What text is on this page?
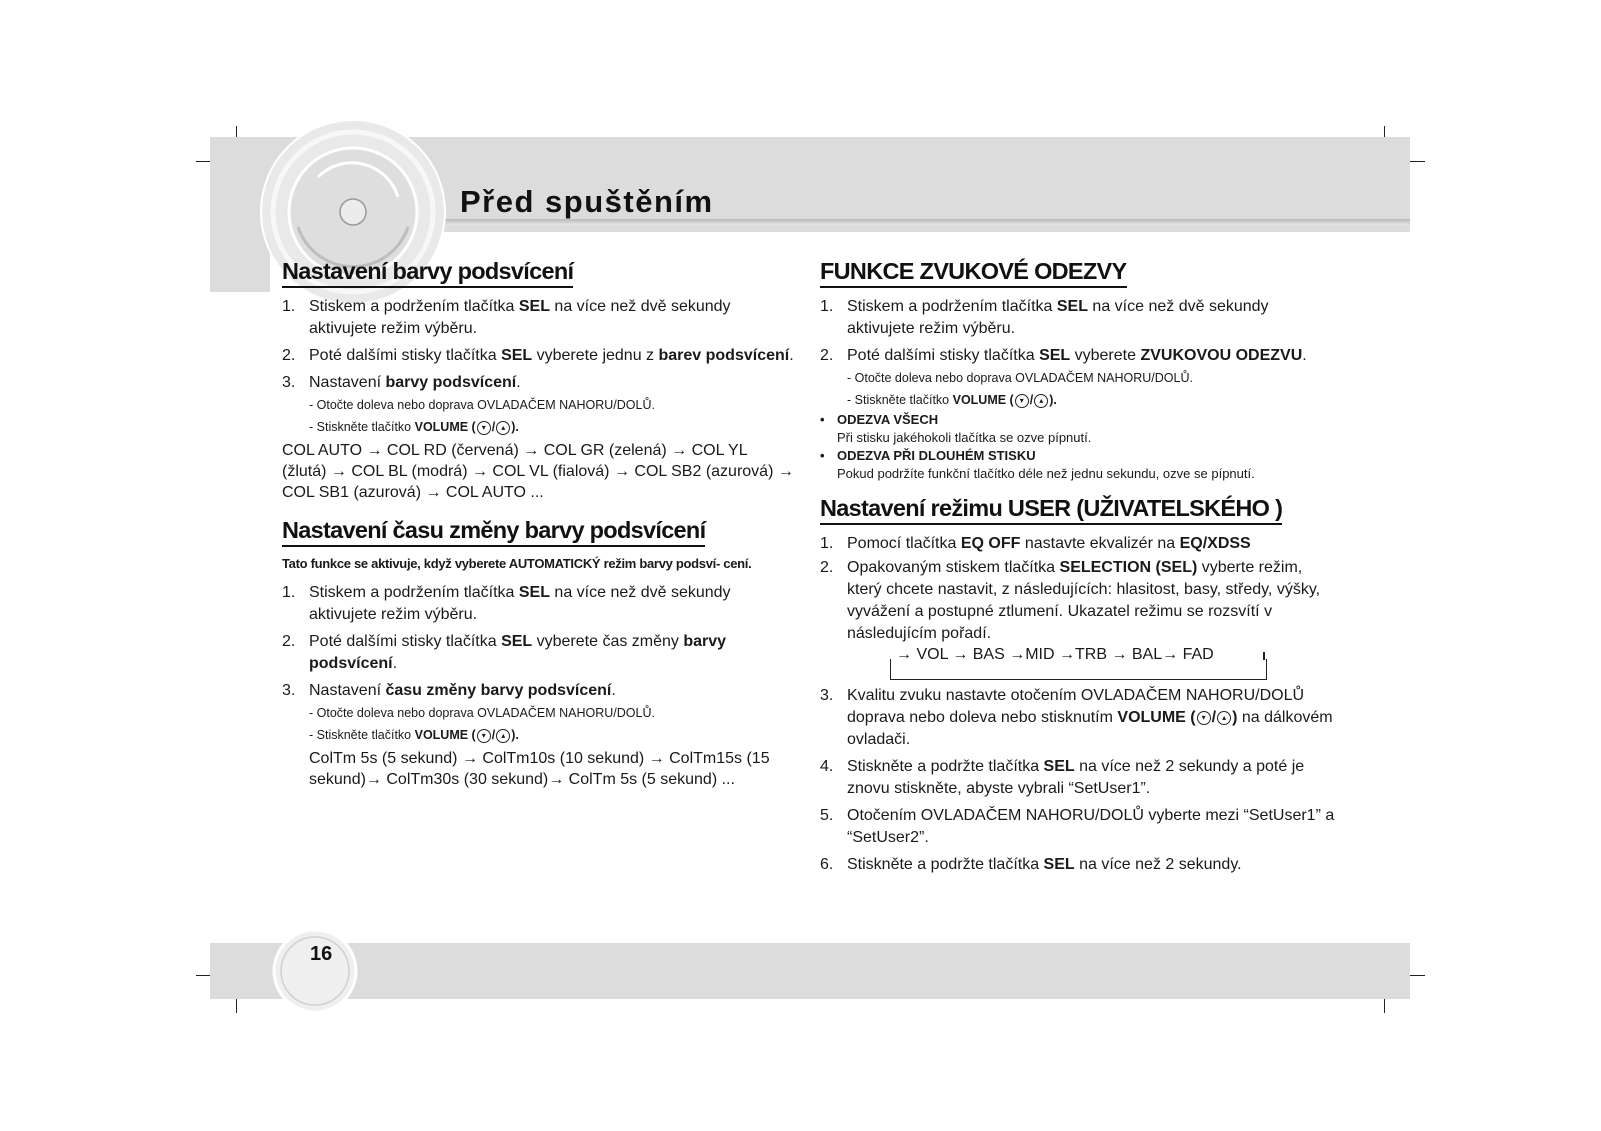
Před spuštěním
16
Nastavení barvy podsvícení
1. Stiskem a podržením tlačítka SEL na více než dvě sekundy aktivujete režim výběru.
2. Poté dalšími stisky tlačítka SEL vyberete jednu z barev podsvícení.
3. Nastavení barvy podsvícení.
- Otočte doleva nebo doprava OVLADAČEM NAHORU/DOLŮ.
- Stiskněte tlačítko VOLUME ( ▾ / ▴ ).
COL AUTO → COL RD (červená) → COL GR (zelená) → COL YL (žlutá) → COL BL (modrá) → COL VL (fialová) → COL SB2 (azurová) → COL SB1 (azurová) → COL AUTO ...
Nastavení času změny barvy podsvícení

Tato funkce se aktivuje, když vyberete AUTOMATICKÝ režim barvy podsví- cení.

1. Stiskem a podržením tlačítka SEL na více než dvě sekundy aktivujete režim výběru.
2. Poté dalšími stisky tlačítka SEL vyberete čas změny barvy podsvícení.
3. Nastavení času změny barvy podsvícení.
- Otočte doleva nebo doprava OVLADAČEM NAHORU/DOLŮ.
- Stiskněte tlačítko VOLUME ( ▾ / ▴ ).
ColTm 5s (5 sekund) → ColTm10s (10 sekund) → ColTm15s (15 sekund)→ ColTm30s (30 sekund)→ ColTm 5s (5 sekund) ...
FUNKCE ZVUKOVÉ ODEZVY
1. Stiskem a podržením tlačítka SEL na více než dvě sekundy aktivujete režim výběru.
2. Poté dalšími stisky tlačítka SEL vyberete ZVUKOVOU ODEZVU.
- Otočte doleva nebo doprava OVLADAČEM NAHORU/DOLŮ.
- Stiskněte tlačítko VOLUME ( ▾ / ▴ ).
• ODEZVA VŠECH
Při stisku jakéhokoli tlačítka se ozve pípnutí.
• ODEZVA PŘI DLOUHÉM STISKU
Pokud podržíte funkční tlačítko déle než jednu sekundu, ozve se pípnutí.
Nastavení režimu USER (UŽIVATELSKÉHO )
1. Pomocí tlačítka EQ OFF nastavte ekvalizér na EQ/XDSS
2. Opakovaným stiskem tlačítka SELECTION (SEL) vyberte režim, který chcete nastavit, z následujících: hlasitost, basy, středy, výšky, vyvážení a postupné ztlumení. Ukazatel režimu se rozsvítí v následujícím pořadí.
→ VOL → BAS →MID →TRB → BAL→ FAD
3. Kvalitu zvuku nastavte otočením OVLADAČEM NAHORU/DOLŮ doprava nebo doleva nebo stisknutím VOLUME ( ▾ / ▴ ) na dálkovém ovladači.
4. Stiskněte a podržte tlačítka SEL na více než 2 sekundy a poté je znovu stiskněte, abyste vybrali “SetUser1”.
5. Otočením OVLADAČEM NAHORU/DOLŮ vyberte mezi “SetUser1” a “SetUser2”.
6. Stiskněte a podržte tlačítka SEL na více než 2 sekundy.
